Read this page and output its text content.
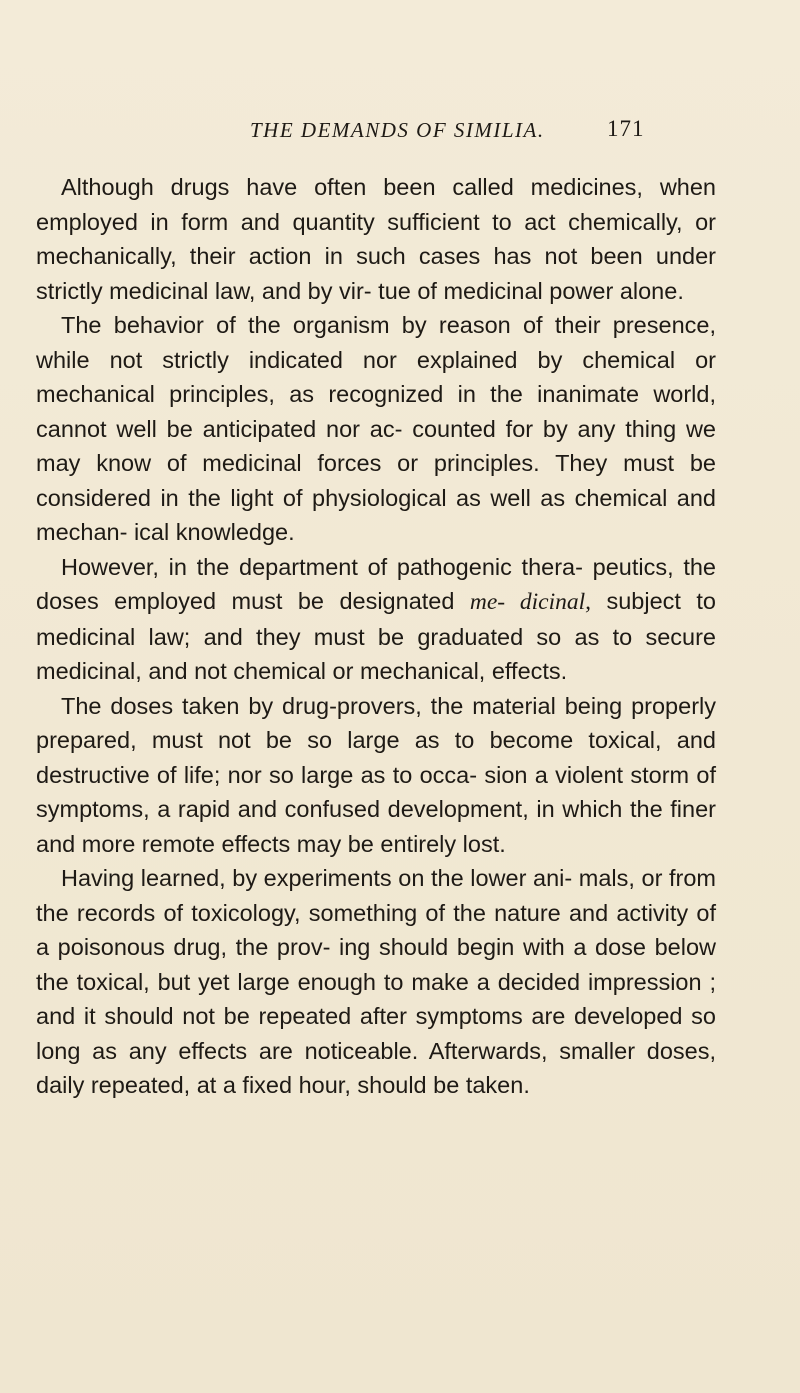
THE DEMANDS OF SIMILIA.	171

Although drugs have often been called medicines, when employed in form and quantity sufficient to act chemically, or mechanically, their action in such cases has not been under strictly medicinal law, and by vir- tue of medicinal power alone.

The behavior of the organism by reason of their presence, while not strictly indicated nor explained by chemical or mechanical principles, as recognized in the inanimate world, cannot well be anticipated nor ac- counted for by any thing we may know of medicinal forces or principles. They must be considered in the light of physiological as well as chemical and mechan- ical knowledge.

However, in the department of pathogenic thera- peutics, the doses employed must be designated me- dicinal, subject to medicinal law; and they must be graduated so as to secure medicinal, and not chemical or mechanical, effects.

The doses taken by drug-provers, the material being properly prepared, must not be so large as to become toxical, and destructive of life; nor so large as to occa- sion a violent storm of symptoms, a rapid and confused development, in which the finer and more remote effects may be entirely lost.

Having learned, by experiments on the lower ani- mals, or from the records of toxicology, something of the nature and activity of a poisonous drug, the prov- ing should begin with a dose below the toxical, but yet large enough to make a decided impression ; and it should not be repeated after symptoms are developed so long as any effects are noticeable. Afterwards, smaller doses, daily repeated, at a fixed hour, should be taken.
